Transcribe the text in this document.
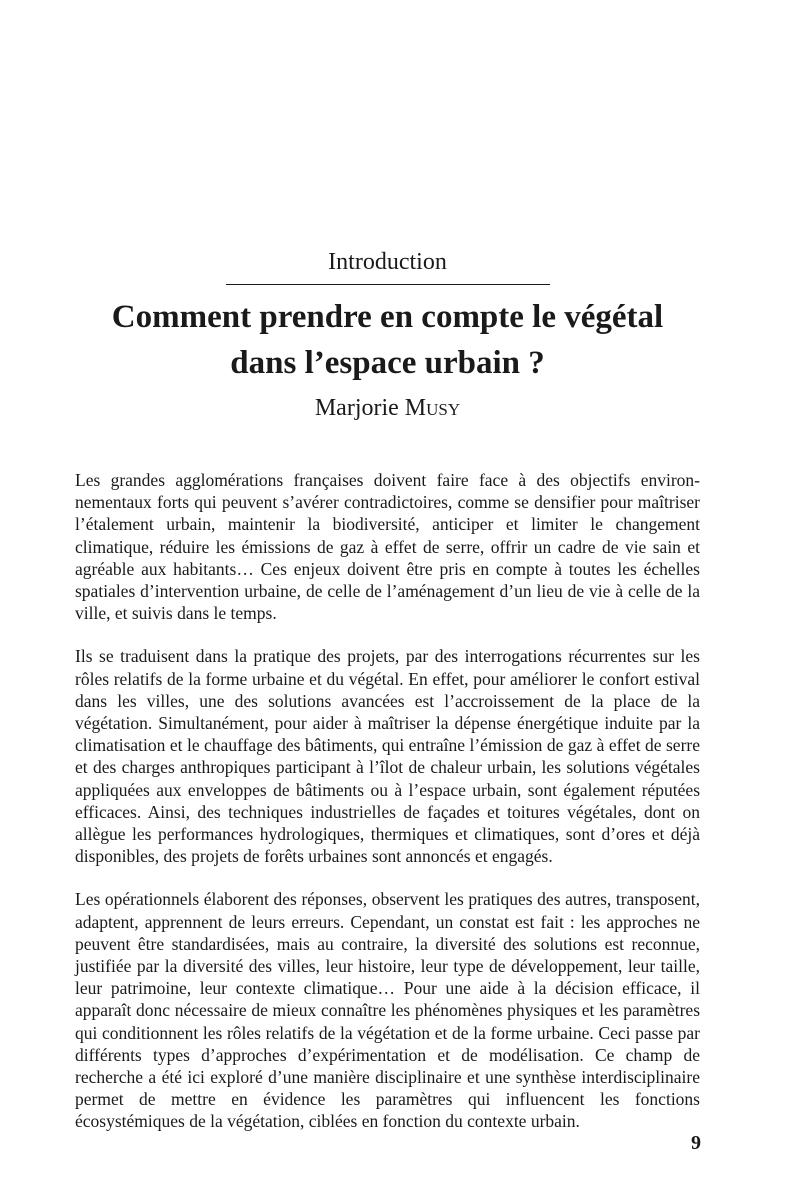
Introduction
Comment prendre en compte le végétal
dans l’espace urbain ?
Marjorie Musy

Les grandes agglomérations françaises doivent faire face à des objectifs environnementaux forts qui peuvent s’avérer contradictoires, comme se densifier pour maîtriser l’étalement urbain, maintenir la biodiversité, anticiper et limiter le changement climatique, réduire les émissions de gaz à effet de serre, offrir un cadre de vie sain et agréable aux habitants… Ces enjeux doivent être pris en compte à toutes les échelles spatiales d’intervention urbaine, de celle de l’aménagement d’un lieu de vie à celle de la ville, et suivis dans le temps.

Ils se traduisent dans la pratique des projets, par des interrogations récurrentes sur les rôles relatifs de la forme urbaine et du végétal. En effet, pour améliorer le confort estival dans les villes, une des solutions avancées est l’accroissement de la place de la végétation. Simultanément, pour aider à maîtriser la dépense énergétique induite par la climatisation et le chauffage des bâtiments, qui entraîne l’émission de gaz à effet de serre et des charges anthropiques participant à l’îlot de chaleur urbain, les solutions végétales appliquées aux enveloppes de bâtiments ou à l’espace urbain, sont également réputées efficaces. Ainsi, des techniques industrielles de façades et toitures végétales, dont on allègue les performances hydrologiques, thermiques et climatiques, sont d’ores et déjà disponibles, des projets de forêts urbaines sont annoncés et engagés.

Les opérationnels élaborent des réponses, observent les pratiques des autres, transposent, adaptent, apprennent de leurs erreurs. Cependant, un constat est fait : les approches ne peuvent être standardisées, mais au contraire, la diversité des solutions est reconnue, justifiée par la diversité des villes, leur histoire, leur type de développement, leur taille, leur patrimoine, leur contexte climatique… Pour une aide à la décision efficace, il apparaît donc nécessaire de mieux connaître les phénomènes physiques et les paramètres qui conditionnent les rôles relatifs de la végétation et de la forme urbaine. Ceci passe par différents types d’approches d’expérimentation et de modélisation. Ce champ de recherche a été ici exploré d’une manière disciplinaire et une synthèse interdisciplinaire permet de mettre en évidence les paramètres qui influencent les fonctions écosystémiques de la végétation, ciblées en fonction du contexte urbain.

9
